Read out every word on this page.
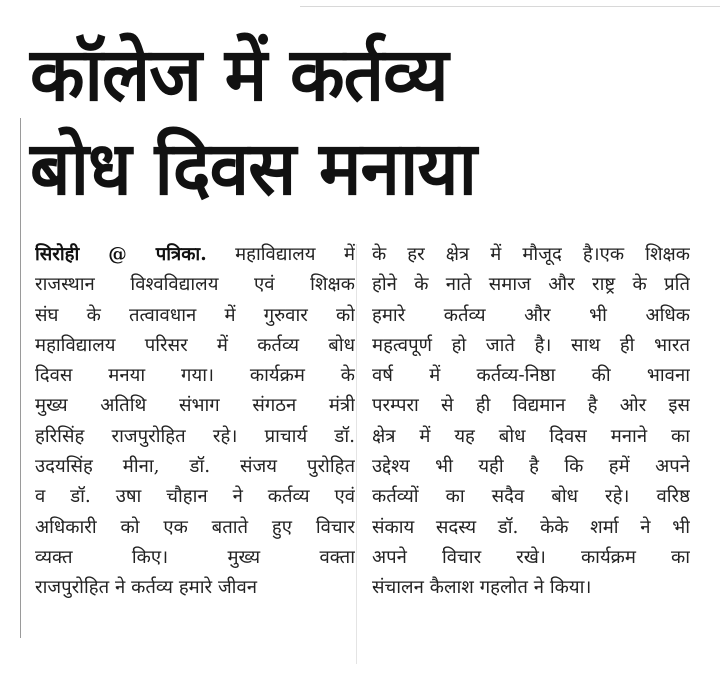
कॉलेज में कर्तव्य
बोध दिवस मनाया
सिरोही @ पत्रिका. महाविद्यालय में
राजस्थान विश्वविद्यालय एवं शिक्षक
संघ के तत्वावधान में गुरुवार को
महाविद्यालय परिसर में कर्तव्य बोध
दिवस मनया गया। कार्यक्रम के
मुख्य अतिथि संभाग संगठन मंत्री
हरिसिंह राजपुरोहित रहे। प्राचार्य डॉ.
उदयसिंह मीना, डॉ. संजय पुरोहित
व डॉ. उषा चौहान ने कर्तव्य एवं
अधिकारी को एक बताते हुए विचार
व्यक्त किए। मुख्य वक्ता
राजपुरोहित ने कर्तव्य हमारे जीवन
के हर क्षेत्र में मौजूद है।एक शिक्षक
होने के नाते समाज और राष्ट्र के प्रति
हमारे कर्तव्य और भी अधिक
महत्वपूर्ण हो जाते है। साथ ही भारत
वर्ष में कर्तव्य-निष्ठा की भावना
परम्परा से ही विद्यमान है ओर इस
क्षेत्र में यह बोध दिवस मनाने का
उद्देश्य भी यही है कि हमें अपने
कर्तव्यों का सदैव बोध रहे। वरिष्ठ
संकाय सदस्य डॉ. केके शर्मा ने भी
अपने विचार रखे। कार्यक्रम का
संचालन कैलाश गहलोत ने किया।
